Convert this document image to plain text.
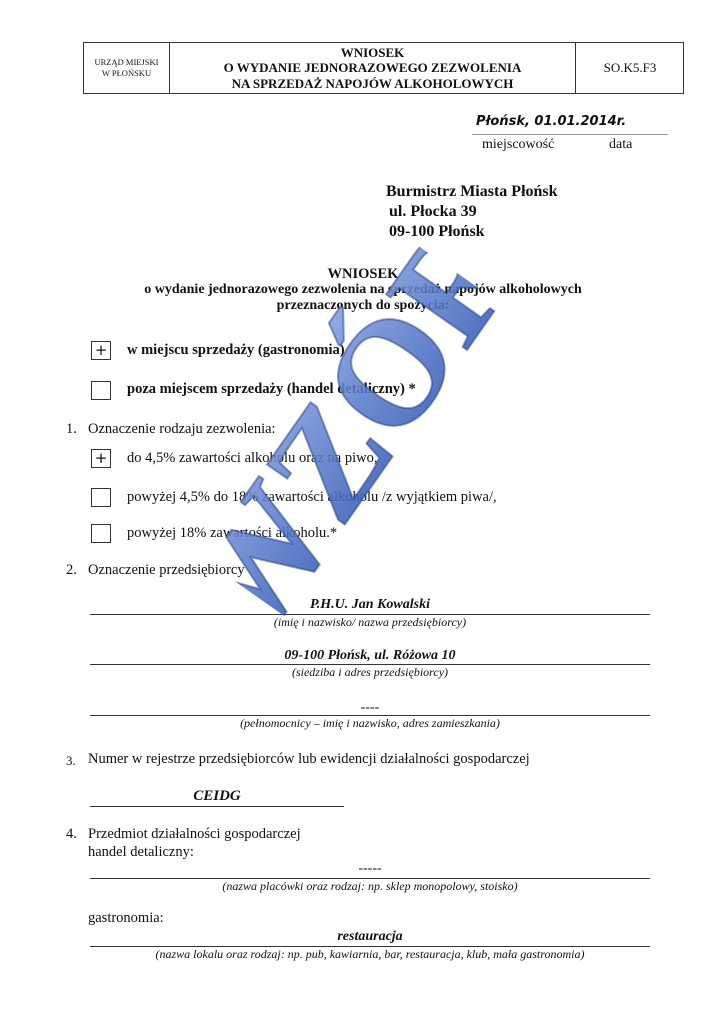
URZĄD MIEJSKI
W PŁOŃSKU
WNIOSEK
O WYDANIE JEDNORAZOWEGO ZEZWOLENIA
NA SPRZEDAŻ NAPOJÓW ALKOHOLOWYCH
SO.K5.F3
Płońsk, 01.01.2014r.
miejscowość	data
Burmistrz Miasta Płońsk
ul. Płocka 39
09-100 Płońsk
WNIOSEK
o wydanie jednorazowego zezwolenia na sprzedaż napojów alkoholowych
przeznaczonych do spożycia:
+ w miejscu sprzedaży (gastronomia)
poza miejscem sprzedaży (handel detaliczny) *
1. Oznaczenie rodzaju zezwolenia:
+ do 4,5% zawartości alkoholu oraz na piwo,
powyżej 4,5% do 18% zawartości alkoholu /z wyjątkiem piwa/,
powyżej 18% zawartości alkoholu.*
2. Oznaczenie przedsiębiorcy
P.H.U. Jan Kowalski
(imię i nazwisko/ nazwa przedsiębiorcy)
09-100 Płońsk, ul. Różowa 10
(siedziba i adres przedsiębiorcy)
----
(pełnomocnicy – imię i nazwisko, adres zamieszkania)
3. Numer w rejestrze przedsiębiorców lub ewidencji działalności gospodarczej
CEIDG
4. Przedmiot działalności gospodarczej
handel detaliczny:
-----
(nazwa placówki oraz rodzaj: np. sklep monopolowy, stoisko)
gastronomia:
restauracja
(nazwa lokalu oraz rodzaj: np. pub, kawiarnia, bar, restauracja, klub, mała gastronomia)
WZÓR
